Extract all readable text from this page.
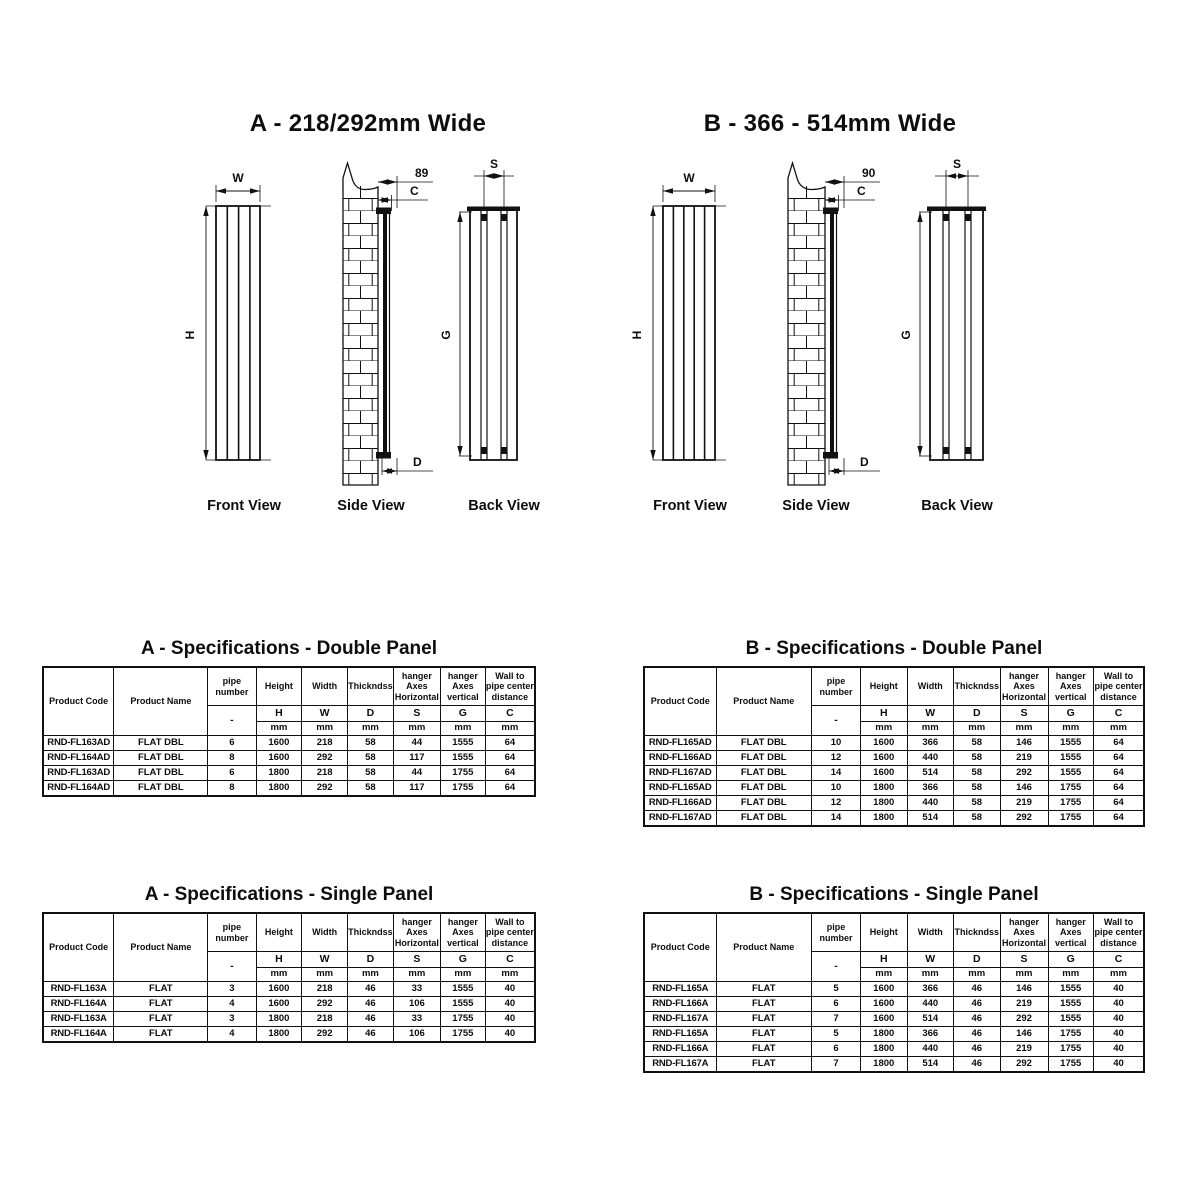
A - 218/292mm Wide	B - 366 - 514mm Wide
W
H
89
C
D
S
G
Front View	Side View	Back View
W
H
90
C
D
S
G
Front View	Side View	Back View
A - Specifications - Double Panel
Product Code	Product Name	pipe number	Height	Width	Thickndss	hanger Axes Horizontal	hanger Axes vertical	Wall to pipe center distance
		-	H	W	D	S	G	C
			mm	mm	mm	mm	mm	mm
RND-FL163AD	FLAT DBL	6	1600	218	58	44	1555	64
RND-FL164AD	FLAT DBL	8	1600	292	58	117	1555	64
RND-FL163AD	FLAT DBL	6	1800	218	58	44	1755	64
RND-FL164AD	FLAT DBL	8	1800	292	58	117	1755	64
B - Specifications - Double Panel
Product Code	Product Name	pipe number	Height	Width	Thickndss	hanger Axes Horizontal	hanger Axes vertical	Wall to pipe center distance
		-	H	W	D	S	G	C
			mm	mm	mm	mm	mm	mm
RND-FL165AD	FLAT DBL	10	1600	366	58	146	1555	64
RND-FL166AD	FLAT DBL	12	1600	440	58	219	1555	64
RND-FL167AD	FLAT DBL	14	1600	514	58	292	1555	64
RND-FL165AD	FLAT DBL	10	1800	366	58	146	1755	64
RND-FL166AD	FLAT DBL	12	1800	440	58	219	1755	64
RND-FL167AD	FLAT DBL	14	1800	514	58	292	1755	64
A - Specifications - Single Panel
Product Code	Product Name	pipe number	Height	Width	Thickndss	hanger Axes Horizontal	hanger Axes vertical	Wall to pipe center distance
		-	H	W	D	S	G	C
			mm	mm	mm	mm	mm	mm
RND-FL163A	FLAT	3	1600	218	46	33	1555	40
RND-FL164A	FLAT	4	1600	292	46	106	1555	40
RND-FL163A	FLAT	3	1800	218	46	33	1755	40
RND-FL164A	FLAT	4	1800	292	46	106	1755	40
B - Specifications - Single Panel
Product Code	Product Name	pipe number	Height	Width	Thickndss	hanger Axes Horizontal	hanger Axes vertical	Wall to pipe center distance
		-	H	W	D	S	G	C
			mm	mm	mm	mm	mm	mm
RND-FL165A	FLAT	5	1600	366	46	146	1555	40
RND-FL166A	FLAT	6	1600	440	46	219	1555	40
RND-FL167A	FLAT	7	1600	514	46	292	1555	40
RND-FL165A	FLAT	5	1800	366	46	146	1755	40
RND-FL166A	FLAT	6	1800	440	46	219	1755	40
RND-FL167A	FLAT	7	1800	514	46	292	1755	40
